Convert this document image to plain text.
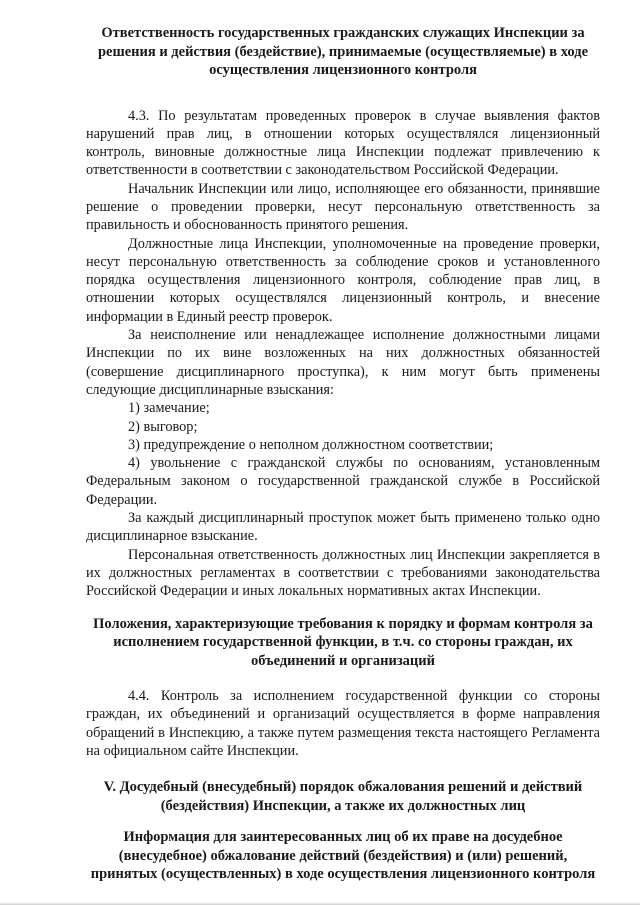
Ответственность государственных гражданских служащих Инспекции за решения и действия (бездействие), принимаемые (осуществляемые) в ходе осуществления лицензионного контроля

4.3. По результатам проведенных проверок в случае выявления фактов нарушений прав лиц, в отношении которых осуществлялся лицензионный контроль, виновные должностные лица Инспекции подлежат привлечению к ответственности в соответствии с законодательством Российской Федерации.

Начальник Инспекции или лицо, исполняющее его обязанности, принявшие решение о проведении проверки, несут персональную ответственность за правильность и обоснованность принятого решения.

Должностные лица Инспекции, уполномоченные на проведение проверки, несут персональную ответственность за соблюдение сроков и установленного порядка осуществления лицензионного контроля, соблюдение прав лиц, в отношении которых осуществлялся лицензионный контроль, и внесение информации в Единый реестр проверок.

За неисполнение или ненадлежащее исполнение должностными лицами Инспекции по их вине возложенных на них должностных обязанностей (совершение дисциплинарного проступка), к ним могут быть применены следующие дисциплинарные взыскания:

1) замечание;

2) выговор;

3) предупреждение о неполном должностном соответствии;

4) увольнение с гражданской службы по основаниям, установленным Федеральным законом о государственной гражданской службе в Российской Федерации.

За каждый дисциплинарный проступок может быть применено только одно дисциплинарное взыскание.

Персональная ответственность должностных лиц Инспекции закрепляется в их должностных регламентах в соответствии с требованиями законодательства Российской Федерации и иных локальных нормативных актах Инспекции.

Положения, характеризующие требования к порядку и формам контроля за исполнением государственной функции, в т.ч. со стороны граждан, их объединений и организаций

4.4. Контроль за исполнением государственной функции со стороны граждан, их объединений и организаций осуществляется в форме направления обращений в Инспекцию, а также путем размещения текста настоящего Регламента на официальном сайте Инспекции.

V. Досудебный (внесудебный) порядок обжалования решений и действий (бездействия) Инспекции, а также их должностных лиц

Информация для заинтересованных лиц об их праве на досудебное (внесудебное) обжалование действий (бездействия) и (или) решений, принятых (осуществленных) в ходе осуществления лицензионного контроля
